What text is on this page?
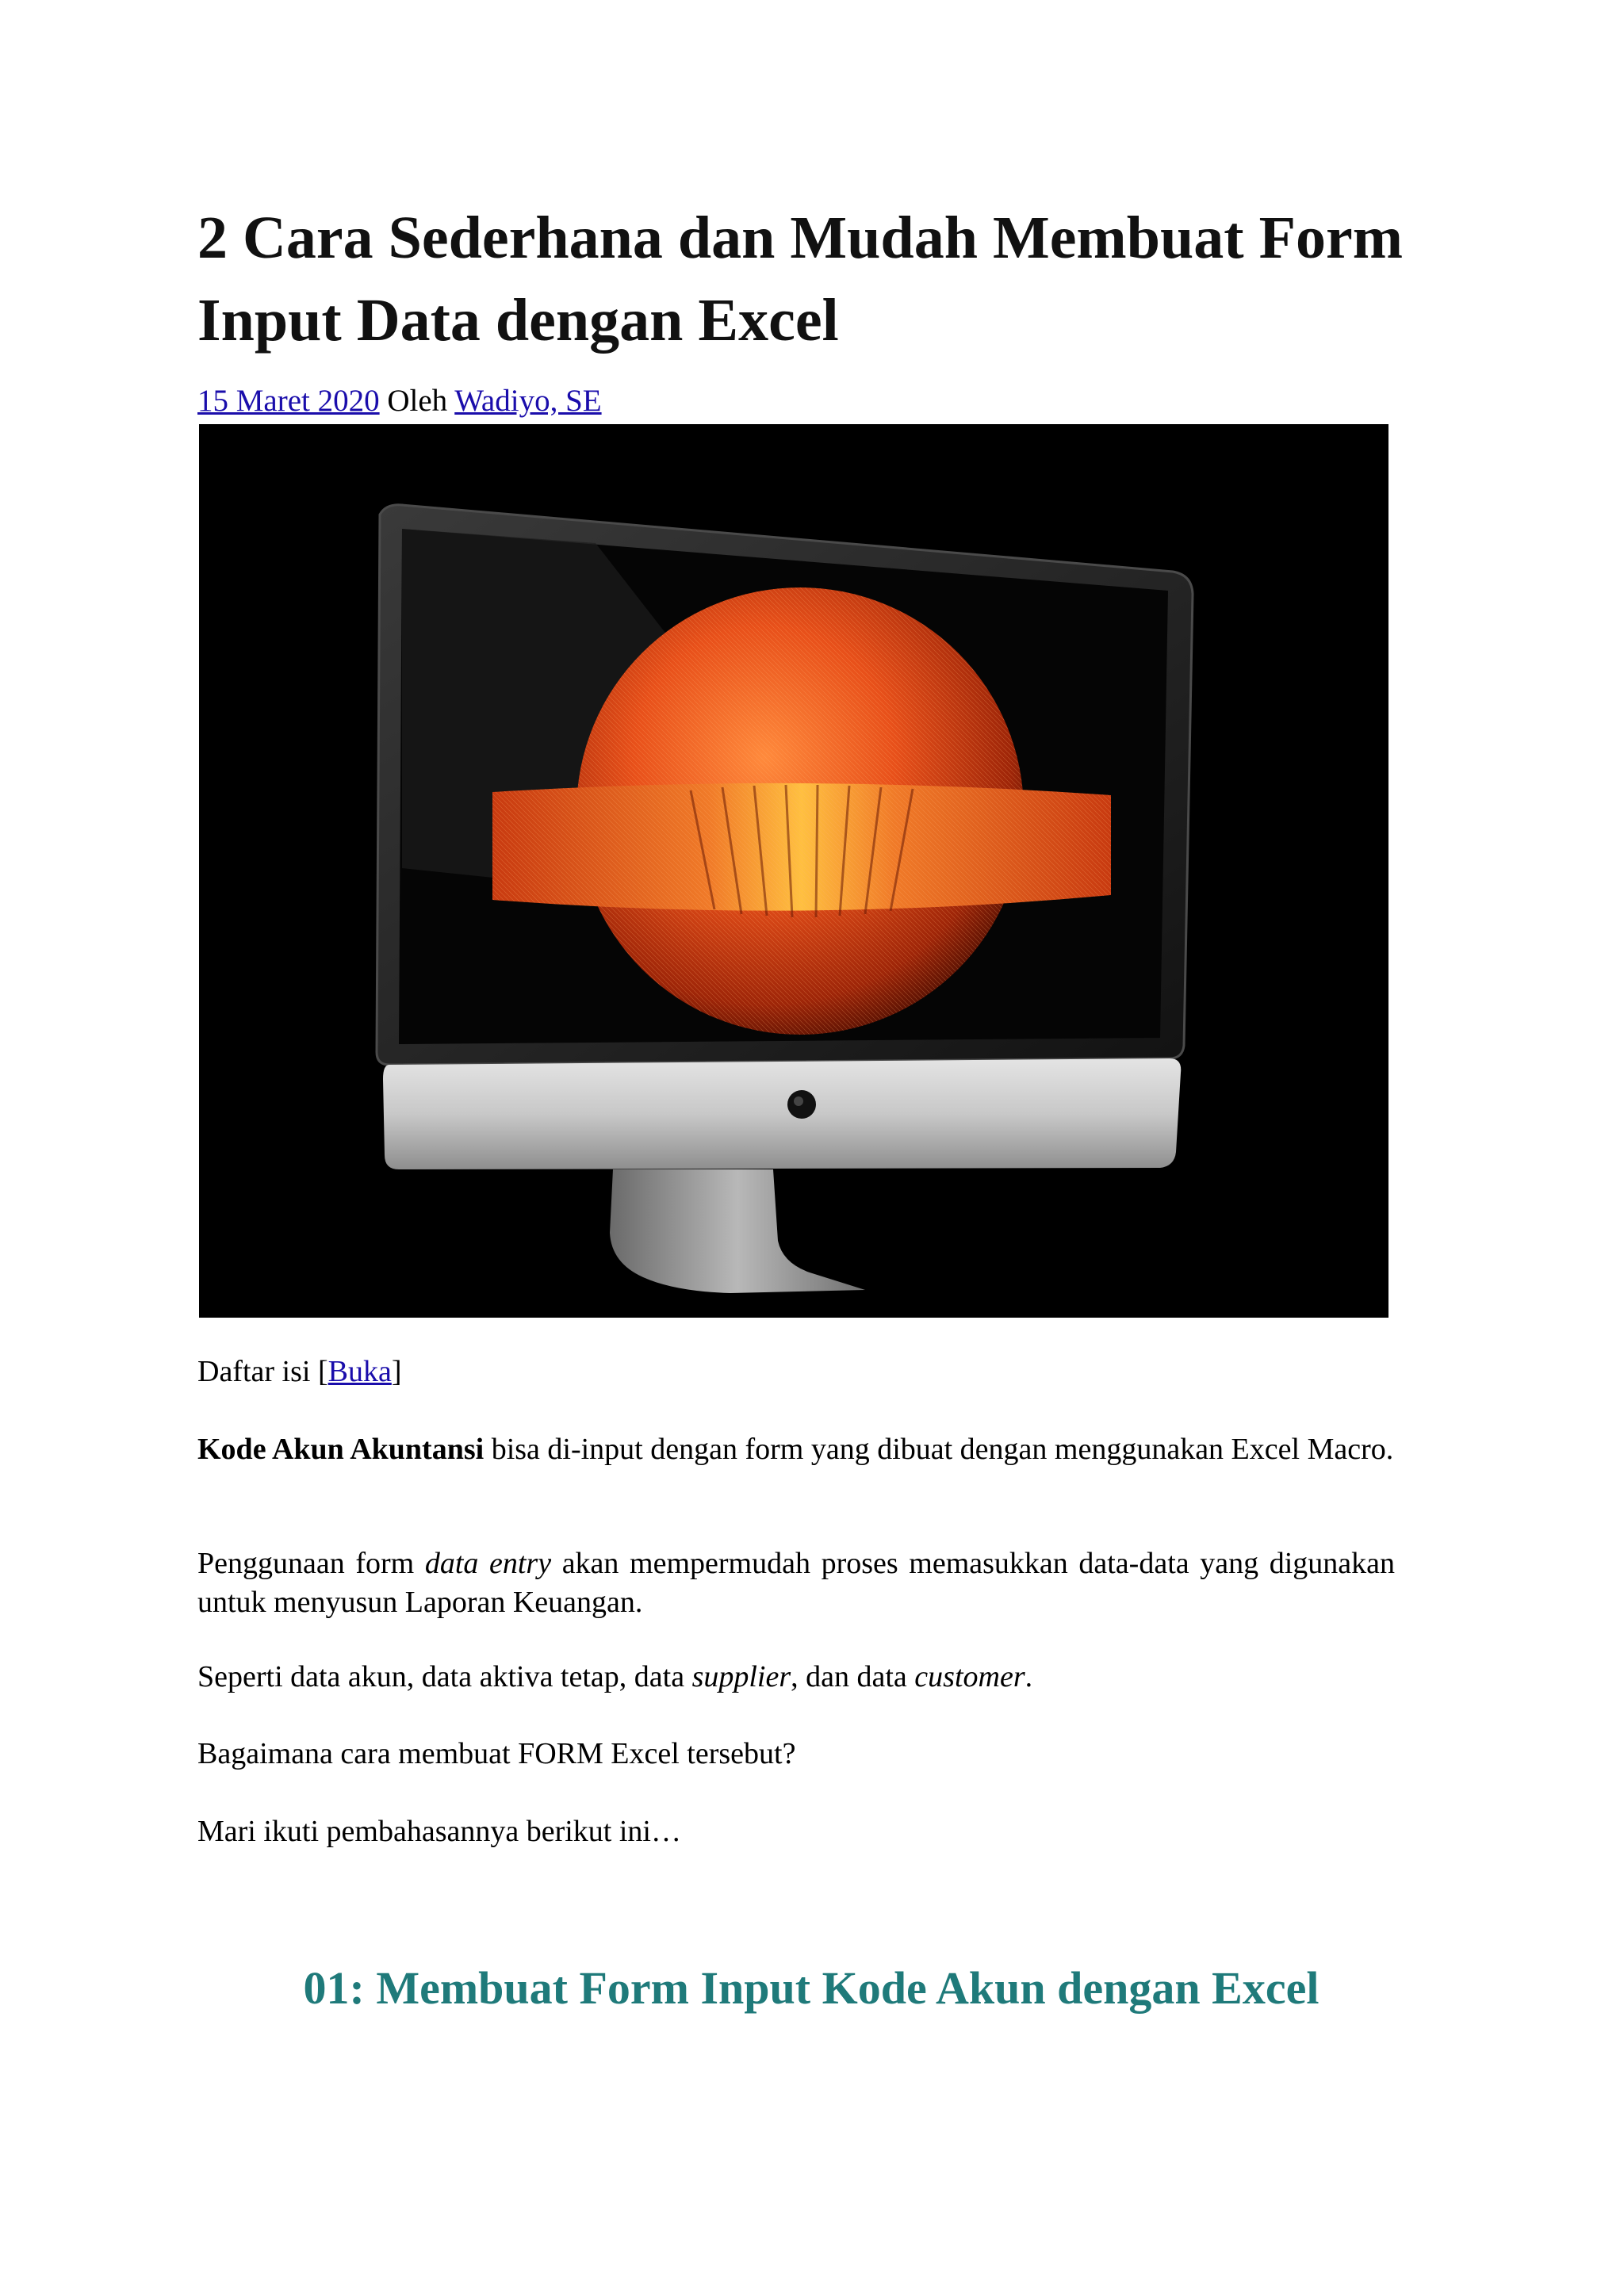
2 Cara Sederhana dan Mudah Membuat Form Input Data dengan Excel
15 Maret 2020 Oleh Wadiyo, SE

Daftar isi [Buka]

Kode Akun Akuntansi bisa di-input dengan form yang dibuat dengan menggunakan Excel Macro.

Penggunaan form data entry akan mempermudah proses memasukkan data-data yang digunakan untuk menyusun Laporan Keuangan.

Seperti data akun, data aktiva tetap, data supplier, dan data customer.

Bagaimana cara membuat FORM Excel tersebut?

Mari ikuti pembahasannya berikut ini…

01: Membuat Form Input Kode Akun dengan Excel
